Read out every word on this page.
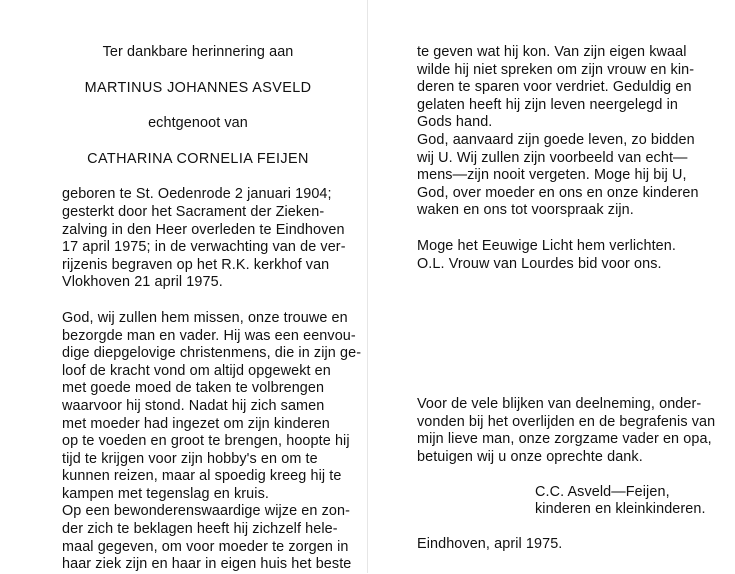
Ter dankbare herinnering aan
MARTINUS JOHANNES ASVELD
echtgenoot van
CATHARINA CORNELIA FEIJEN
geboren te St. Oedenrode 2 januari 1904;
gesterkt door het Sacrament der Zieken-
zalving in den Heer overleden te Eindhoven
17 april 1975; in de verwachting van de ver-
rijzenis begraven op het R.K. kerkhof van
Vlokhoven 21 april 1975.
God, wij zullen hem missen, onze trouwe en
bezorgde man en vader. Hij was een eenvou-
dige diepgelovige christenmens, die in zijn ge-
loof de kracht vond om altijd opgewekt en
met goede moed de taken te volbrengen
waarvoor hij stond. Nadat hij zich samen
met moeder had ingezet om zijn kinderen
op te voeden en groot te brengen, hoopte hij
tijd te krijgen voor zijn hobby's en om te
kunnen reizen, maar al spoedig kreeg hij te
kampen met tegenslag en kruis.
Op een bewonderenswaardige wijze en zon-
der zich te beklagen heeft hij zichzelf hele-
maal gegeven, om voor moeder te zorgen in
haar ziek zijn en haar in eigen huis het beste
te geven wat hij kon. Van zijn eigen kwaal
wilde hij niet spreken om zijn vrouw en kin-
deren te sparen voor verdriet. Geduldig en
gelaten heeft hij zijn leven neergelegd in
Gods hand.
God, aanvaard zijn goede leven, zo bidden
wij U. Wij zullen zijn voorbeeld van echt—
mens—zijn nooit vergeten. Moge hij bij U,
God, over moeder en ons en onze kinderen
waken en ons tot voorspraak zijn.
Moge het Eeuwige Licht hem verlichten.
O.L. Vrouw van Lourdes bid voor ons.
Voor de vele blijken van deelneming, onder-
vonden bij het overlijden en de begrafenis van
mijn lieve man, onze zorgzame vader en opa,
betuigen wij u onze oprechte dank.
C.C. Asveld—Feijen,
kinderen en kleinkinderen.
Eindhoven, april 1975.
